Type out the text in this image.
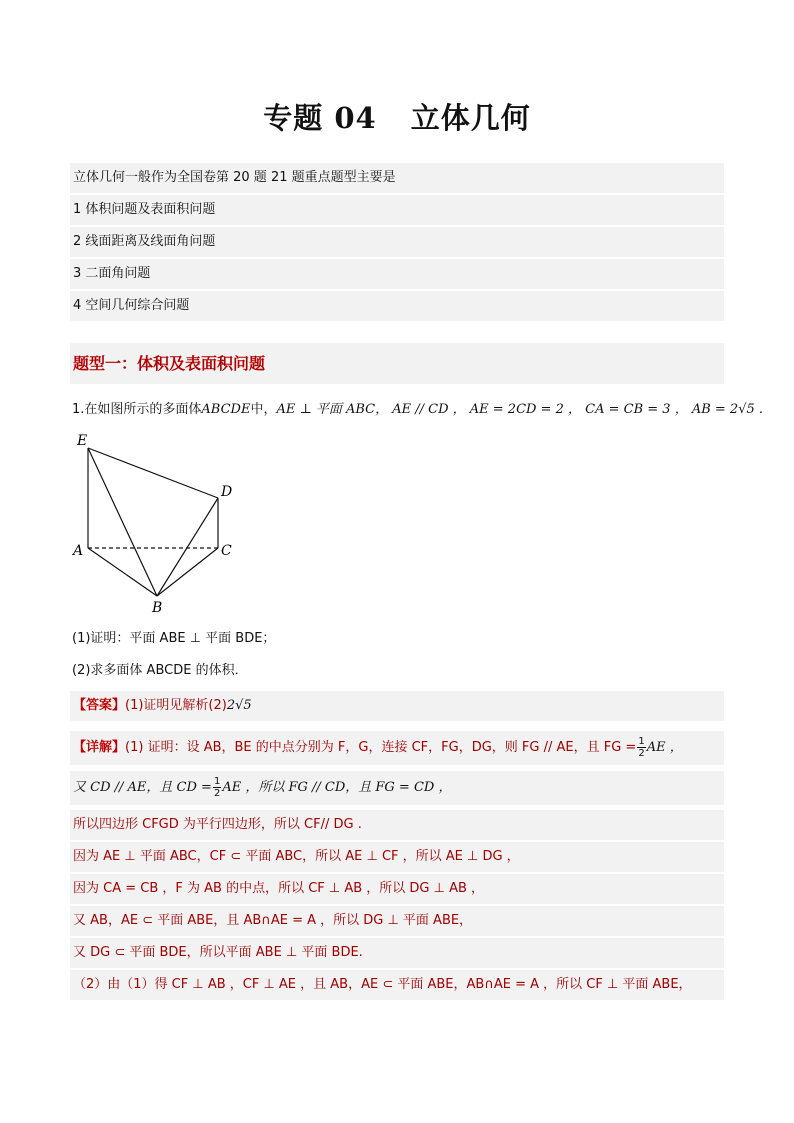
专题 04 立体几何
立体几何一般作为全国卷第 20 题 21 题重点题型主要是
1 体积问题及表面积问题
2 线面距离及线面角问题
3 二面角问题
4 空间几何综合问题
题型一：体积及表面积问题
1.在如图所示的多面体ABCDE中，AE ⊥ 平面 ABC， AE // CD ， AE = 2CD = 2 ， CA = CB = 3 ， AB = 2√5 .
E
D
A	C
B
(1)证明：平面 ABE ⊥ 平面 BDE；
(2)求多面体 ABCDE 的体积．
【答案】(1)证明见解析(2)2√5
【详解】(1) 证明：设 AB，BE 的中点分别为 F，G，连接 CF，FG，DG，则 FG // AE，且 FG = $\frac{1}{2}$ AE ，
又 CD // AE，且 CD = $\frac{1}{2}$ AE ，所以 FG // CD，且 FG = CD ，
所以四边形 CFGD 为平行四边形，所以 CF// DG .
因为 AE ⊥ 平面 ABC，CF ⊂ 平面 ABC，所以 AE ⊥ CF ，所以 AE ⊥ DG ，
因为 CA = CB ，F 为 AB 的中点，所以 CF ⊥ AB ，所以 DG ⊥ AB ，
又 AB，AE ⊂ 平面 ABE，且 AB∩AE = A ，所以 DG ⊥ 平面 ABE，
又 DG ⊂ 平面 BDE，所以平面 ABE ⊥ 平面 BDE.
（2）由（1）得 CF ⊥ AB ，CF ⊥ AE ，且 AB，AE ⊂ 平面 ABE，AB∩AE = A ，所以 CF ⊥ 平面 ABE，
